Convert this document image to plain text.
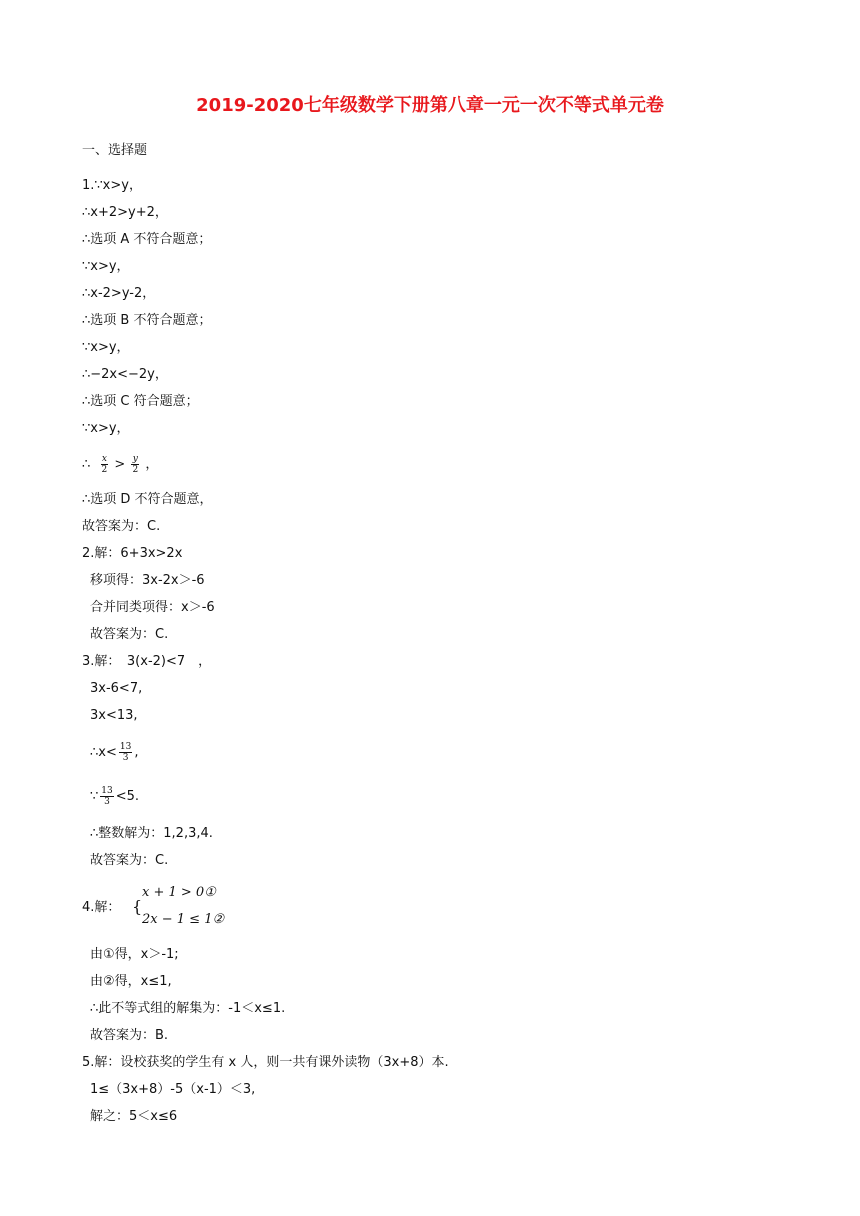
2019-2020七年级数学下册第八章一元一次不等式单元卷
一、选择题
1.∵x>y，
∴x+2>y+2，
∴选项 A 不符合题意；
∵x>y，
∴x-2>y-2，
∴选项 B 不符合题意；
∵x>y，
∴−2x<−2y，
∴选项 C 符合题意；
∵x>y，
∴ $\frac{x}{2} > \frac{y}{2}$ ，
∴选项 D 不符合题意，
故答案为：C.
2.解：6+3x>2x
移项得：3x-2x＞-6
合并同类项得：x＞-6
故答案为：C.
3.解：　3(x-2)<7　，
3x-6<7,
3x<13,
∴x< $\frac{13}{3}$ ,
∵ $\frac{13}{3} <5$.
∴整数解为：1,2,3,4.
故答案为：C.
4.解： {
x + 1 > 0①
2x − 1 ≤ 1②
由①得，x＞-1;
由②得，x≤1,
∴此不等式组的解集为：-1＜x≤1.
故答案为：B.
5.解：设校获奖的学生有 x 人，则一共有课外读物（3x+8）本.
1≤（3x+8）-5（x-1）＜3,
解之：5＜x≤6
